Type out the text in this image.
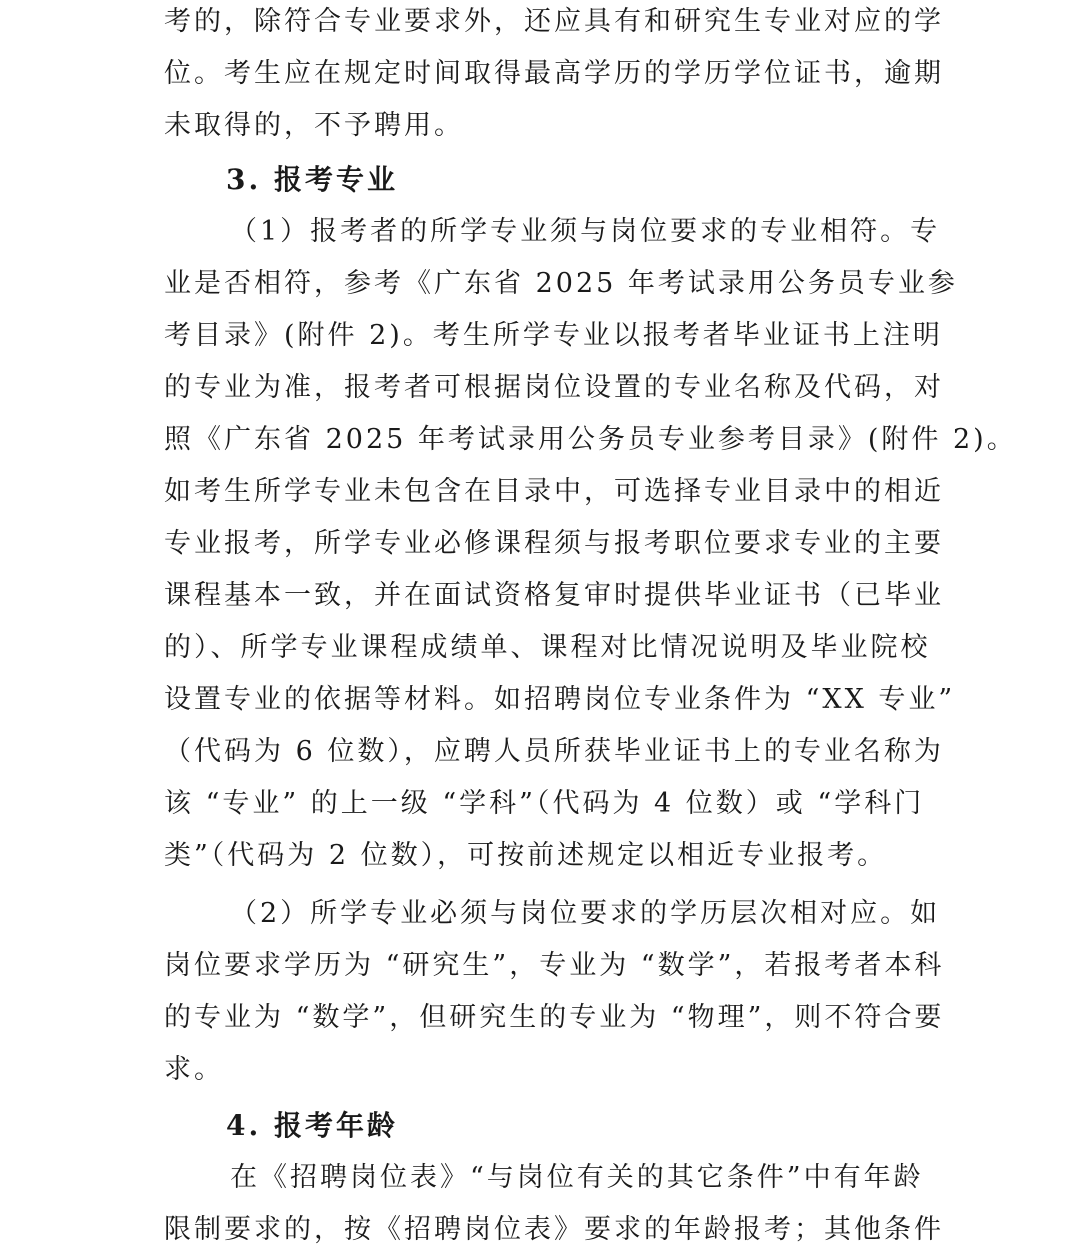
考的，除符合专业要求外，还应具有和研究生专业对应的学
位。考生应在规定时间取得最高学历的学历学位证书，逾期
未取得的，不予聘用。
3. 报考专业
（1）报考者的所学专业须与岗位要求的专业相符。专
业是否相符，参考《广东省 2025 年考试录用公务员专业参
考目录》(附件 2)。考生所学专业以报考者毕业证书上注明
的专业为准，报考者可根据岗位设置的专业名称及代码，对
照《广东省 2025 年考试录用公务员专业参考目录》(附件 2)。
如考生所学专业未包含在目录中，可选择专业目录中的相近
专业报考，所学专业必修课程须与报考职位要求专业的主要
课程基本一致，并在面试资格复审时提供毕业证书（已毕业
的）、所学专业课程成绩单、课程对比情况说明及毕业院校
设置专业的依据等材料。如招聘岗位专业条件为 “XX 专业”
（代码为 6 位数），应聘人员所获毕业证书上的专业名称为
该 “专业” 的上一级 “学科”（代码为 4 位数）或 “学科门
类”（代码为 2 位数），可按前述规定以相近专业报考。
（2）所学专业必须与岗位要求的学历层次相对应。如
岗位要求学历为 “研究生”，专业为 “数学”，若报考者本科
的专业为 “数学”，但研究生的专业为 “物理”，则不符合要
求。
4. 报考年龄
在《招聘岗位表》“与岗位有关的其它条件”中有年龄
限制要求的，按《招聘岗位表》要求的年龄报考；其他条件
